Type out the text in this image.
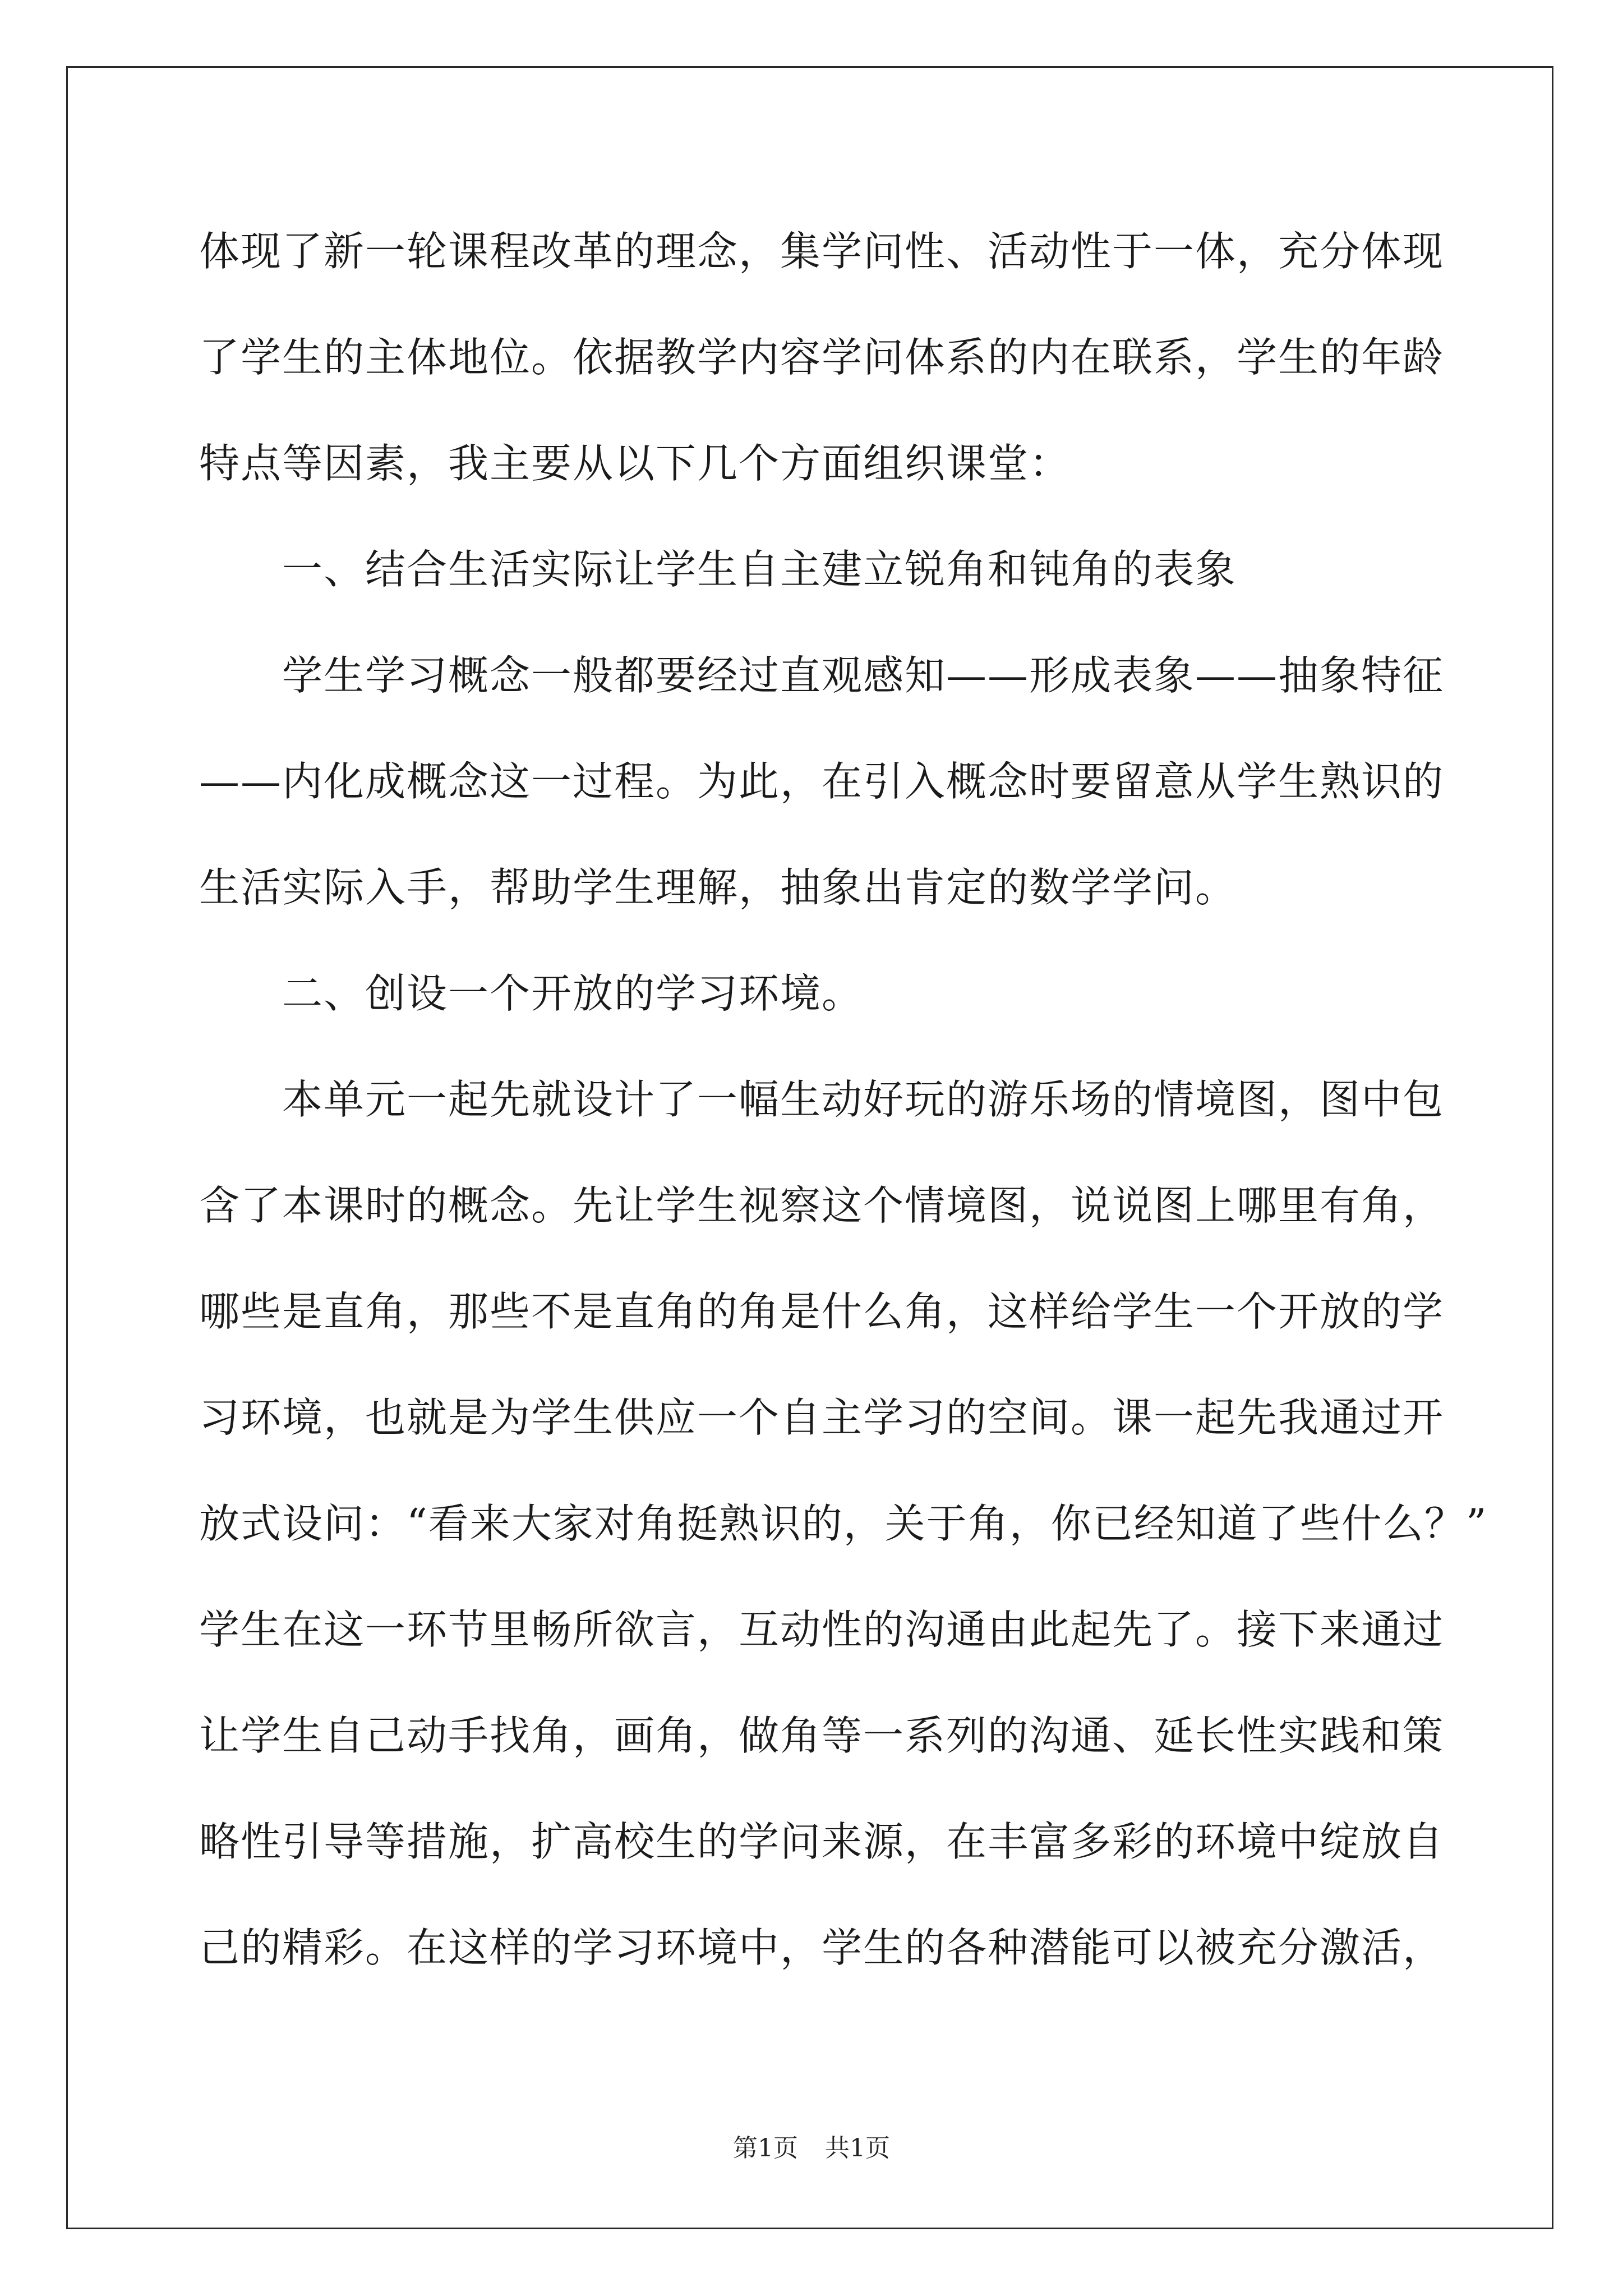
体现了新一轮课程改革的理念，集学问性、活动性于一体，充分体现
了学生的主体地位。依据教学内容学问体系的内在联系，学生的年龄
特点等因素，我主要从以下几个方面组织课堂：
　　一、结合生活实际让学生自主建立锐角和钝角的表象
　　学生学习概念一般都要经过直观感知——形成表象——抽象特征
——内化成概念这一过程。为此，在引入概念时要留意从学生熟识的
生活实际入手，帮助学生理解，抽象出肯定的数学学问。
　　二、创设一个开放的学习环境。
　　本单元一起先就设计了一幅生动好玩的游乐场的情境图，图中包
含了本课时的概念。先让学生视察这个情境图，说说图上哪里有角，
哪些是直角，那些不是直角的角是什么角，这样给学生一个开放的学
习环境，也就是为学生供应一个自主学习的空间。课一起先我通过开
放式设问：“看来大家对角挺熟识的，关于角，你已经知道了些什么？”
学生在这一环节里畅所欲言，互动性的沟通由此起先了。接下来通过
让学生自己动手找角，画角，做角等一系列的沟通、延长性实践和策
略性引导等措施，扩高校生的学问来源，在丰富多彩的环境中绽放自
己的精彩。在这样的学习环境中，学生的各种潜能可以被充分激活，
第1页 共1页
